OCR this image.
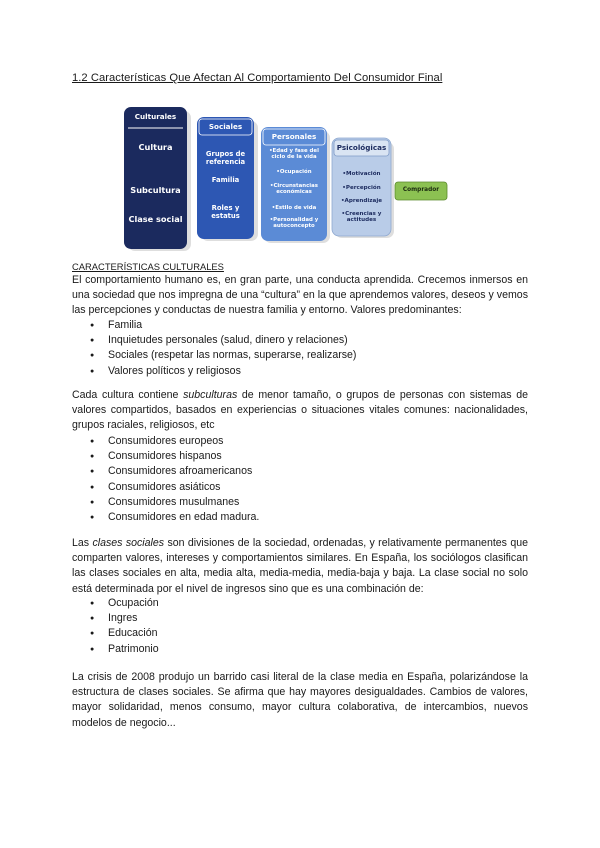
1.2 Características Que Afectan Al Comportamiento Del Consumidor Final
Culturales
Cultura
Subcultura
Clase social
Sociales
Grupos de referencia
Familia
Roles y estatus
Personales
•Edad y fase del ciclo de la vida
•Ocupación
•Circunstancias económicas
•Estilo de vida
•Personalidad y autoconcepto
Psicológicas
•Motivación
•Percepción
•Aprendizaje
•Creencias y actitudes
Comprador
CARACTERÍSTICAS CULTURALES

El comportamiento humano es, en gran parte, una conducta aprendida. Crecemos inmersos en una sociedad que nos impregna de una “cultura” en la que aprendemos valores, deseos y vemos las percepciones y conductas de nuestra familia y entorno. Valores predominantes:

● Familia
● Inquietudes personales (salud, dinero y relaciones)
● Sociales (respetar las normas, superarse, realizarse)
● Valores políticos y religiosos

Cada cultura contiene subculturas de menor tamaño, o grupos de personas con sistemas de valores compartidos, basados en experiencias o situaciones vitales comunes: nacionalidades, grupos raciales, religiosos, etc

● Consumidores europeos
● Consumidores hispanos
● Consumidores afroamericanos
● Consumidores asiáticos
● Consumidores musulmanes
● Consumidores en edad madura.

Las clases sociales son divisiones de la sociedad, ordenadas, y relativamente permanentes que comparten valores, intereses y comportamientos similares. En España, los sociólogos clasifican las clases sociales en alta, media alta, media-media, media-baja y baja. La clase social no solo está determinada por el nivel de ingresos sino que es una combinación de:

● Ocupación
● Ingres
● Educación
● Patrimonio

La crisis de 2008 produjo un barrido casi literal de la clase media en España, polarizándose la estructura de clases sociales. Se afirma que hay mayores desigualdades. Cambios de valores, mayor solidaridad, menos consumo, mayor cultura colaborativa, de intercambios, nuevos modelos de negocio...
